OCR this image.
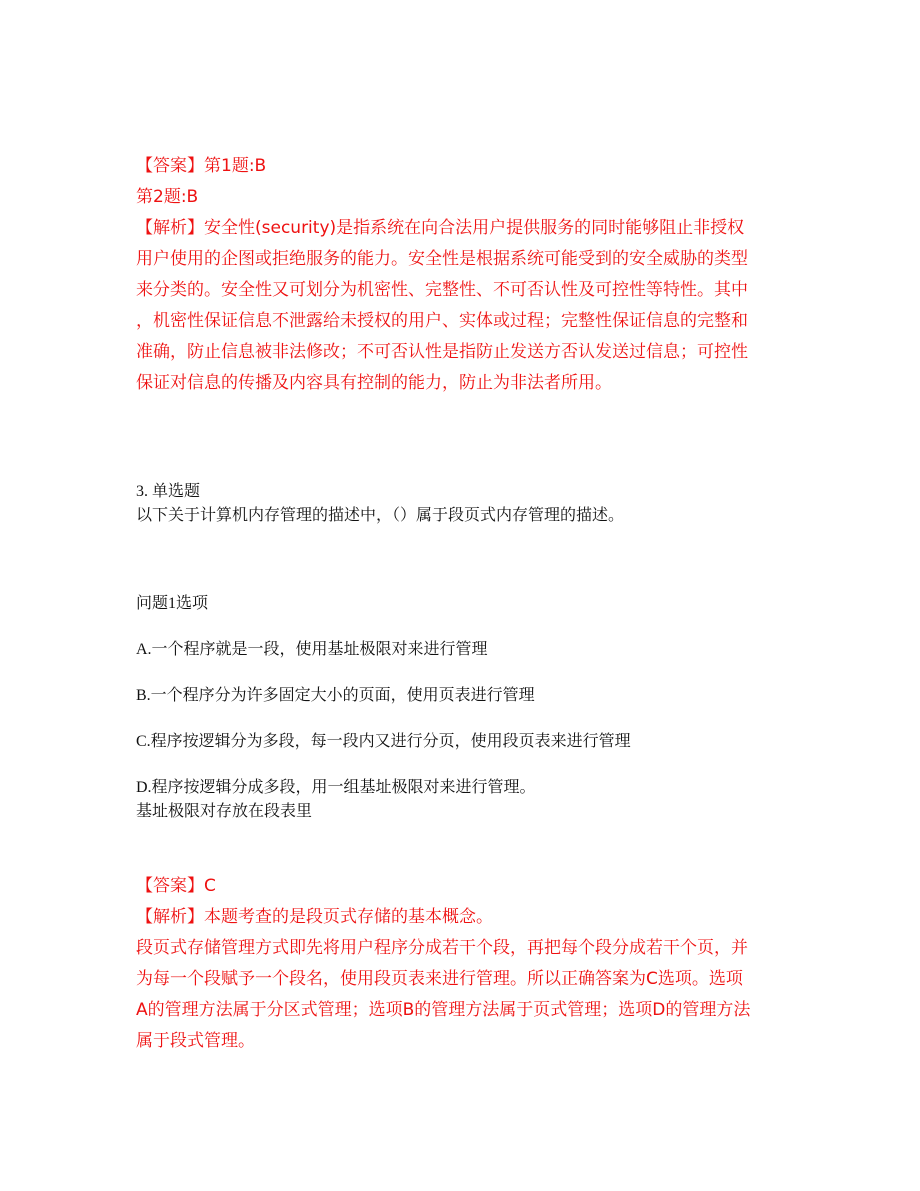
【答案】第1题:B
第2题:B
【解析】安全性(security)是指系统在向合法用户提供服务的同时能够阻止非授权
用户使用的企图或拒绝服务的能力。安全性是根据系统可能受到的安全威胁的类型
来分类的。安全性又可划分为机密性、完整性、不可否认性及可控性等特性。其中
，机密性保证信息不泄露给未授权的用户、实体或过程；完整性保证信息的完整和
准确，防止信息被非法修改；不可否认性是指防止发送方否认发送过信息；可控性
保证对信息的传播及内容具有控制的能力，防止为非法者所用。
3. 单选题
以下关于计算机内存管理的描述中，（）属于段页式内存管理的描述。
问题1选项
A.一个程序就是一段，使用基址极限对来进行管理
B.一个程序分为许多固定大小的页面，使用页表进行管理
C.程序按逻辑分为多段，每一段内又进行分页，使用段页表来进行管理
D.程序按逻辑分成多段，用一组基址极限对来进行管理。
基址极限对存放在段表里
【答案】C
【解析】本题考查的是段页式存储的基本概念。
段页式存储管理方式即先将用户程序分成若干个段，再把每个段分成若干个页，并
为每一个段赋予一个段名，使用段页表来进行管理。所以正确答案为C选项。选项
A的管理方法属于分区式管理；选项B的管理方法属于页式管理；选项D的管理方法
属于段式管理。
